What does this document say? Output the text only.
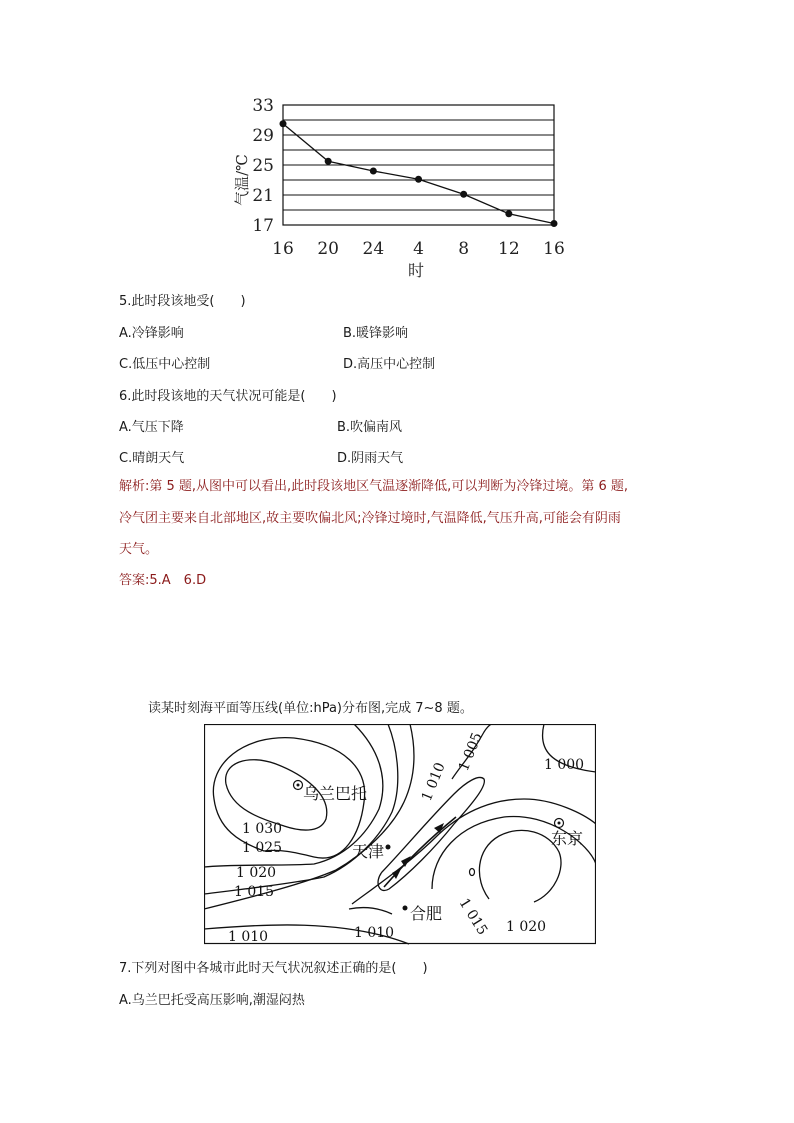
33
29
25
21
17
16 20 24 4 8 12 16
气温/℃
时
5.此时段该地受(　　)
A.冷锋影响	B.暖锋影响
C.低压中心控制	D.高压中心控制
6.此时段该地的天气状况可能是(　　)
A.气压下降	B.吹偏南风
C.晴朗天气	D.阴雨天气
解析:第 5 题,从图中可以看出,此时段该地区气温逐渐降低,可以判断为冷锋过境。第 6 题,
冷气团主要来自北部地区,故主要吹偏北风;冷锋过境时,气温降低,气压升高,可能会有阴雨
天气。
答案:5.A　6.D
读某时刻海平面等压线(单位:hPa)分布图,完成 7~8 题。
乌兰巴托
天津
合肥
东京
1 030
1 025
1 020
1 015
1 010	1 010
1 010
1 005	1 000
1 015 1 020
7.下列对图中各城市此时天气状况叙述正确的是(　　)
A.乌兰巴托受高压影响,潮湿闷热
